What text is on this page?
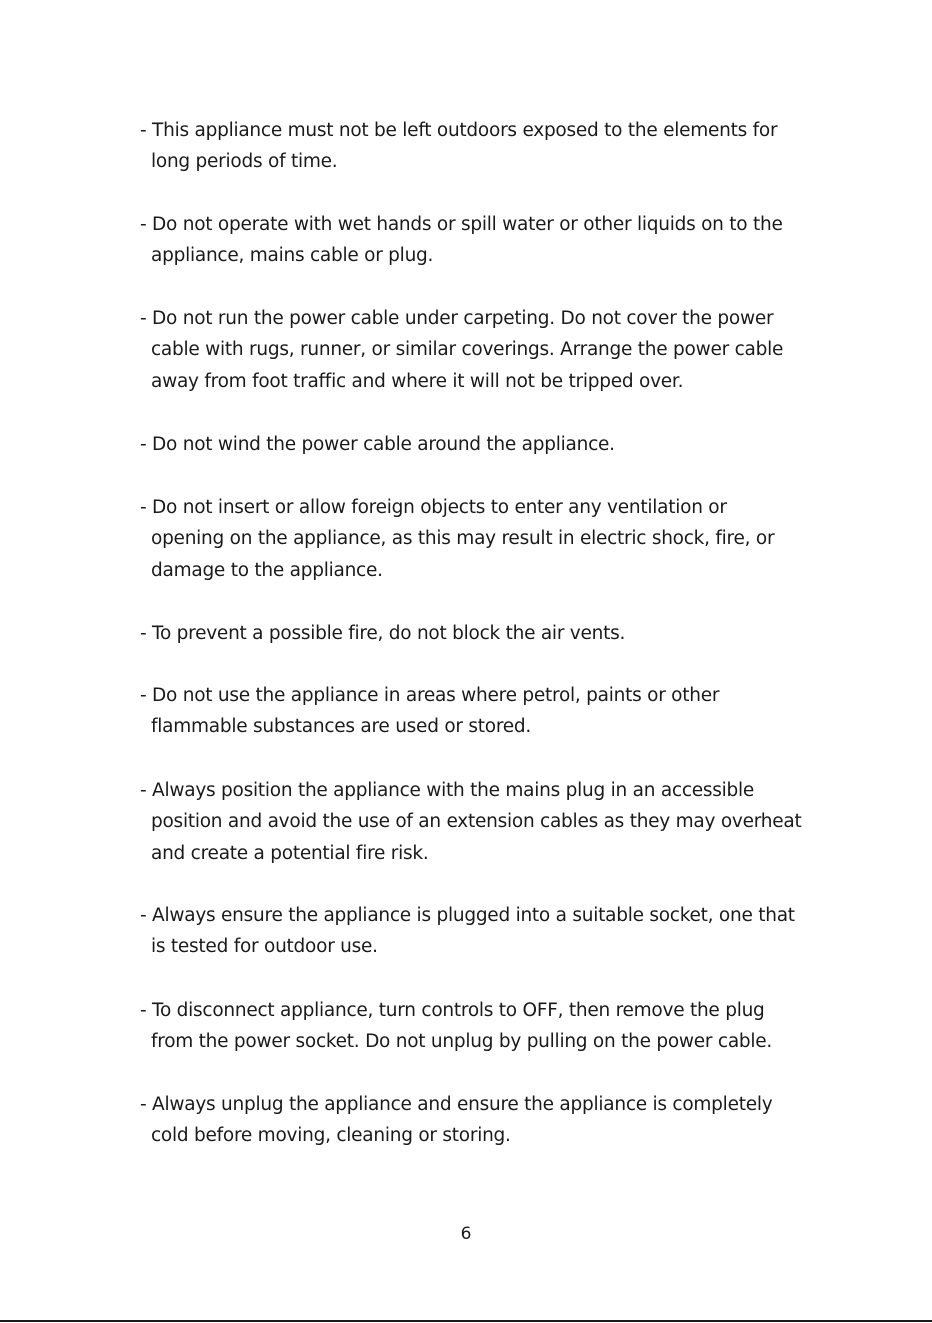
- This appliance must not be left outdoors exposed to the elements for
long periods of time.
- Do not operate with wet hands or spill water or other liquids on to the
appliance, mains cable or plug.
- Do not run the power cable under carpeting. Do not cover the power
cable with rugs, runner, or similar coverings. Arrange the power cable
away from foot traffic and where it will not be tripped over.
- Do not wind the power cable around the appliance.
- Do not insert or allow foreign objects to enter any ventilation or
opening on the appliance, as this may result in electric shock, fire, or
damage to the appliance.
- To prevent a possible fire, do not block the air vents.
- Do not use the appliance in areas where petrol, paints or other
flammable substances are used or stored.
- Always position the appliance with the mains plug in an accessible
position and avoid the use of an extension cables as they may overheat
and create a potential fire risk.
- Always ensure the appliance is plugged into a suitable socket, one that
is tested for outdoor use.
- To disconnect appliance, turn controls to OFF, then remove the plug
from the power socket. Do not unplug by pulling on the power cable.
- Always unplug the appliance and ensure the appliance is completely
cold before moving, cleaning or storing.
6
